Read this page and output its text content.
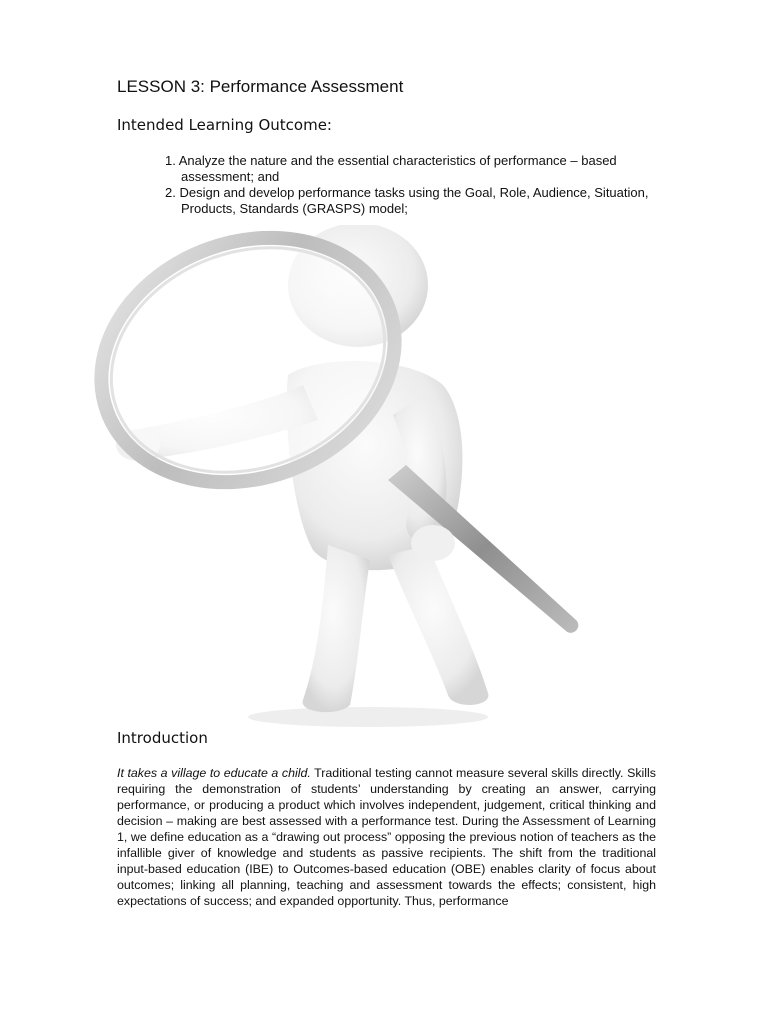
LESSON 3: Performance Assessment
Intended Learning Outcome:
1. Analyze the nature and the essential characteristics of performance – based assessment; and
2. Design and develop performance tasks using the Goal, Role, Audience, Situation, Products, Standards (GRASPS) model;
Introduction

It takes a village to educate a child. Traditional testing cannot measure several skills directly. Skills requiring the demonstration of students’ understanding by creating an answer, carrying performance, or producing a product which involves independent, judgement, critical thinking and decision – making are best assessed with a performance test. During the Assessment of Learning 1, we define education as a “drawing out process” opposing the previous notion of teachers as the infallible giver of knowledge and students as passive recipients. The shift from the traditional input-based education (IBE) to Outcomes-based education (OBE) enables clarity of focus about outcomes; linking all planning, teaching and assessment towards the effects; consistent, high expectations of success; and expanded opportunity. Thus, performance
